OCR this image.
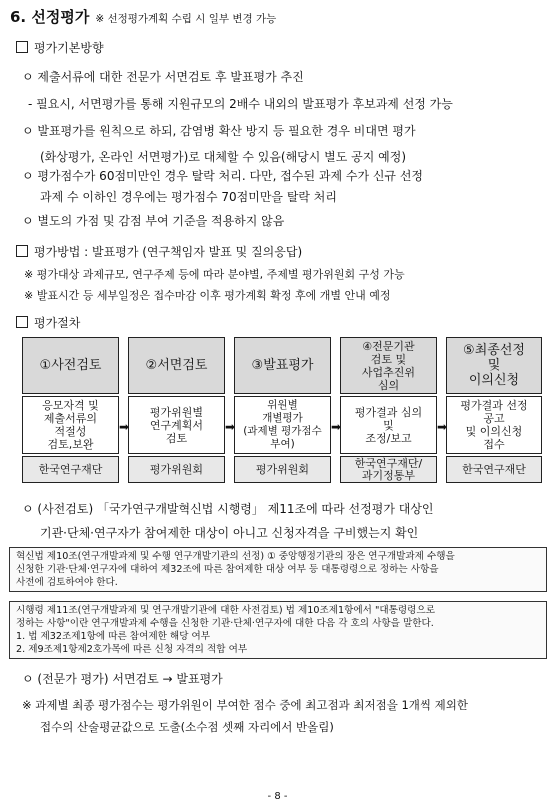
6. 선정평가 ※ 선정평가계획 수립 시 일부 변경 가능
평가기본방향
ㅇ 제출서류에 대한 전문가 서면검토 후 발표평가 추진
- 필요시, 서면평가를 통해 지원규모의 2배수 내외의 발표평가 후보과제 선정 가능
ㅇ 발표평가를 원칙으로 하되, 감염병 확산 방지 등 필요한 경우 비대면 평가
(화상평가, 온라인 서면평가)로 대체할 수 있음(해당시 별도 공지 예정)
ㅇ 평가점수가 60점미만인 경우 탈락 처리. 다만, 접수된 과제 수가 신규 선정
과제 수 이하인 경우에는 평가점수 70점미만을 탈락 처리
ㅇ 별도의 가점 및 감점 부여 기준을 적용하지 않음
평가방법 : 발표평가 (연구책임자 발표 및 질의응답)
※ 평가대상 과제규모, 연구주제 등에 따라 분야별, 주제별 평가위원회 구성 가능
※ 발표시간 등 세부일정은 접수마감 이후 평가계획 확정 후에 개별 안내 예정
평가절차
①사전검토
응모자격 및
제출서류의
적절성
검토,보완
한국연구재단
➡
②서면검토
평가위원별
연구계획서
검토
평가위원회
➡
③발표평가
위원별
개별평가
(과제별 평가점수
부여)
평가위원회
➡
④전문기관
검토 및
사업추진위
심의
평가결과 심의
및
조정/보고
한국연구재단/
과기정통부
➡
⑤최종선정
및
이의신청
평가결과 선정
공고
및 이의신청
접수
한국연구재단
ㅇ (사전검토) 「국가연구개발혁신법 시행령」 제11조에 따라 선정평가 대상인
기관·단체·연구자가 참여제한 대상이 아니고 신청자격을 구비했는지 확인
혁신법 제10조(연구개발과제 및 수행 연구개발기관의 선정) ① 중앙행정기관의 장은 연구개발과제 수행을
신청한 기관·단체·연구자에 대하여 제32조에 따른 참여제한 대상 여부 등 대통령령으로 정하는 사항을
사전에 검토하여야 한다.
시행령 제11조(연구개발과제 및 연구개발기관에 대한 사전검토) 법 제10조제1항에서 "대통령령으로
정하는 사항"이란 연구개발과제 수행을 신청한 기관·단체·연구자에 대한 다음 각 호의 사항을 말한다.
1. 법 제32조제1항에 따른 참여제한 해당 여부
2. 제9조제1항제2호가목에 따른 신청 자격의 적합 여부
ㅇ (전문가 평가) 서면검토 → 발표평가
※ 과제별 최종 평가점수는 평가위원이 부여한 점수 중에 최고점과 최저점을 1개씩 제외한
접수의 산술평균값으로 도출(소수점 셋째 자리에서 반올림)
- 8 -
